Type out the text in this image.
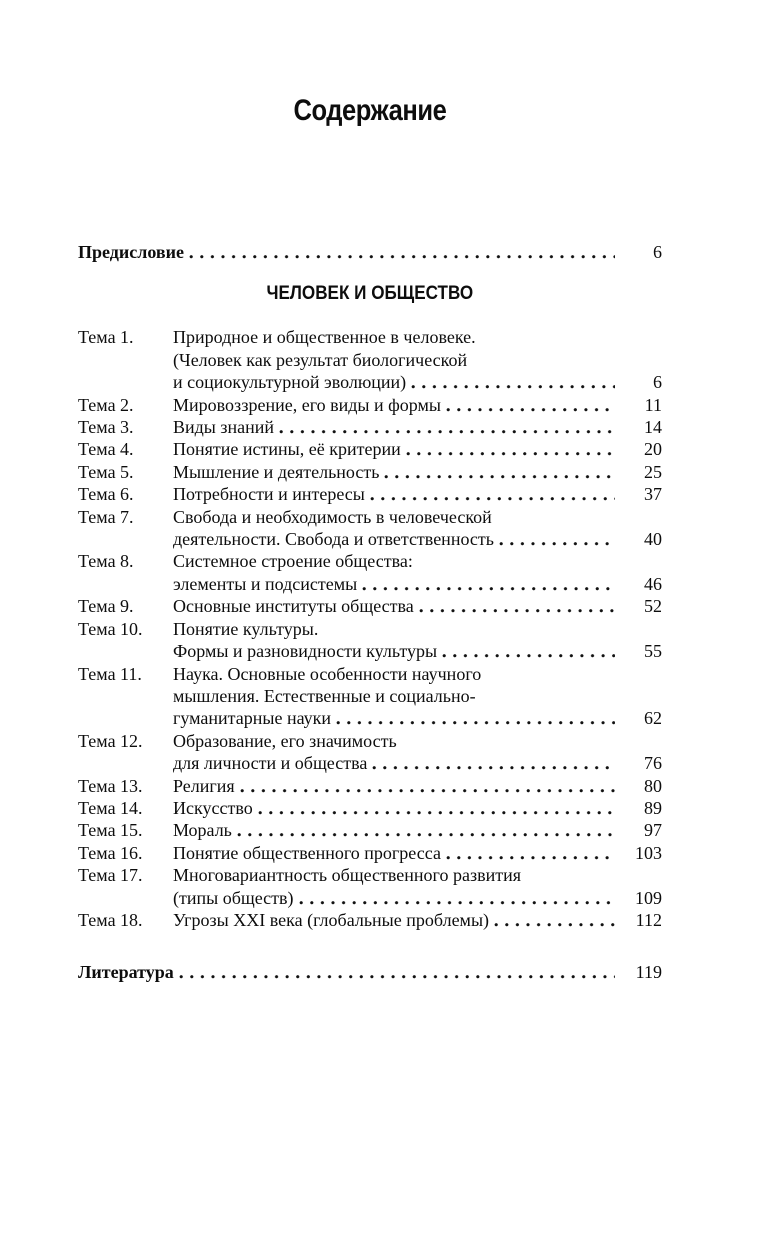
Содержание
Предисловие	6
ЧЕЛОВЕК И ОБЩЕСТВО
Тема 1. Природное и общественное в человеке.
(Человек как результат биологической
и социокультурной эволюции)	6
Тема 2. Мировоззрение, его виды и формы	11
Тема 3. Виды знаний	14
Тема 4. Понятие истины, её критерии	20
Тема 5. Мышление и деятельность	25
Тема 6. Потребности и интересы	37
Тема 7. Свобода и необходимость в человеческой
деятельности. Свобода и ответственность	40
Тема 8. Системное строение общества:
элементы и подсистемы	46
Тема 9. Основные институты общества	52
Тема 10. Понятие культуры.
Формы и разновидности культуры	55
Тема 11. Наука. Основные особенности научного
мышления. Естественные и социально-
гуманитарные науки	62
Тема 12. Образование, его значимость
для личности и общества	76
Тема 13. Религия	80
Тема 14. Искусство	89
Тема 15. Мораль	97
Тема 16. Понятие общественного прогресса	103
Тема 17. Многовариантность общественного развития
(типы обществ)	109
Тема 18. Угрозы XXI века (глобальные проблемы)	112
Литература	119
